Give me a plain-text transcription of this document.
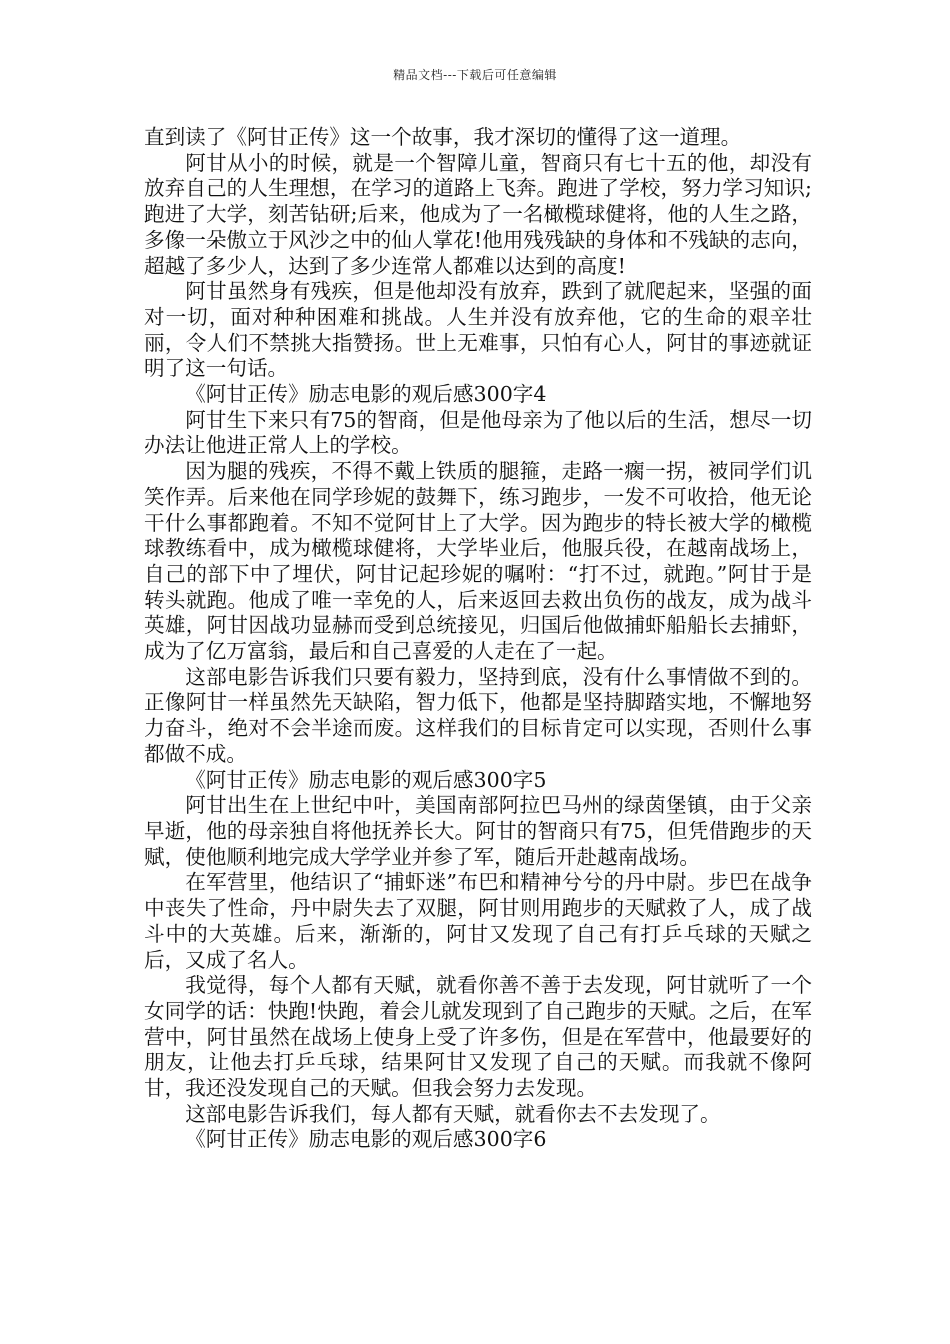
精品文档---下载后可任意编辑

直到读了《阿甘正传》这一个故事，我才深切的懂得了这一道理。

阿甘从小的时候，就是一个智障儿童，智商只有七十五的他，却没有放弃自己的人生理想，在学习的道路上飞奔。跑进了学校，努力学习知识;跑进了大学，刻苦钻研;后来，他成为了一名橄榄球健将，他的人生之路，多像一朵傲立于风沙之中的仙人掌花!他用残残缺的身体和不残缺的志向，超越了多少人，达到了多少连常人都难以达到的高度!

阿甘虽然身有残疾，但是他却没有放弃，跌到了就爬起来，坚强的面对一切，面对种种困难和挑战。人生并没有放弃他，它的生命的艰辛壮丽，令人们不禁挑大指赞扬。世上无难事，只怕有心人，阿甘的事迹就证明了这一句话。

《阿甘正传》励志电影的观后感300字4

阿甘生下来只有75的智商，但是他母亲为了他以后的生活，想尽一切办法让他进正常人上的学校。

因为腿的残疾，不得不戴上铁质的腿箍，走路一瘸一拐，被同学们讥笑作弄。后来他在同学珍妮的鼓舞下，练习跑步，一发不可收拾，他无论干什么事都跑着。不知不觉阿甘上了大学。因为跑步的特长被大学的橄榄球教练看中，成为橄榄球健将，大学毕业后，他服兵役，在越南战场上，自己的部下中了埋伏，阿甘记起珍妮的嘱咐：“打不过，就跑。”阿甘于是转头就跑。他成了唯一幸免的人，后来返回去救出负伤的战友，成为战斗英雄，阿甘因战功显赫而受到总统接见，归国后他做捕虾船船长去捕虾，成为了亿万富翁，最后和自己喜爱的人走在了一起。

这部电影告诉我们只要有毅力，坚持到底，没有什么事情做不到的。正像阿甘一样虽然先天缺陷，智力低下，他都是坚持脚踏实地，不懈地努力奋斗，绝对不会半途而废。这样我们的目标肯定可以实现，否则什么事都做不成。

《阿甘正传》励志电影的观后感300字5

阿甘出生在上世纪中叶，美国南部阿拉巴马州的绿茵堡镇，由于父亲早逝，他的母亲独自将他抚养长大。阿甘的智商只有75，但凭借跑步的天赋，使他顺利地完成大学学业并参了军，随后开赴越南战场。

在军营里，他结识了“捕虾迷”布巴和精神兮兮的丹中尉。步巴在战争中丧失了性命，丹中尉失去了双腿，阿甘则用跑步的天赋救了人，成了战斗中的大英雄。后来，渐渐的，阿甘又发现了自己有打乒乓球的天赋之后，又成了名人。

我觉得，每个人都有天赋，就看你善不善于去发现，阿甘就听了一个女同学的话：快跑!快跑，着会儿就发现到了自己跑步的天赋。之后，在军营中，阿甘虽然在战场上使身上受了许多伤，但是在军营中，他最要好的朋友，让他去打乒乓球，结果阿甘又发现了自己的天赋。而我就不像阿甘，我还没发现自己的天赋。但我会努力去发现。

这部电影告诉我们，每人都有天赋，就看你去不去发现了。

《阿甘正传》励志电影的观后感300字6
